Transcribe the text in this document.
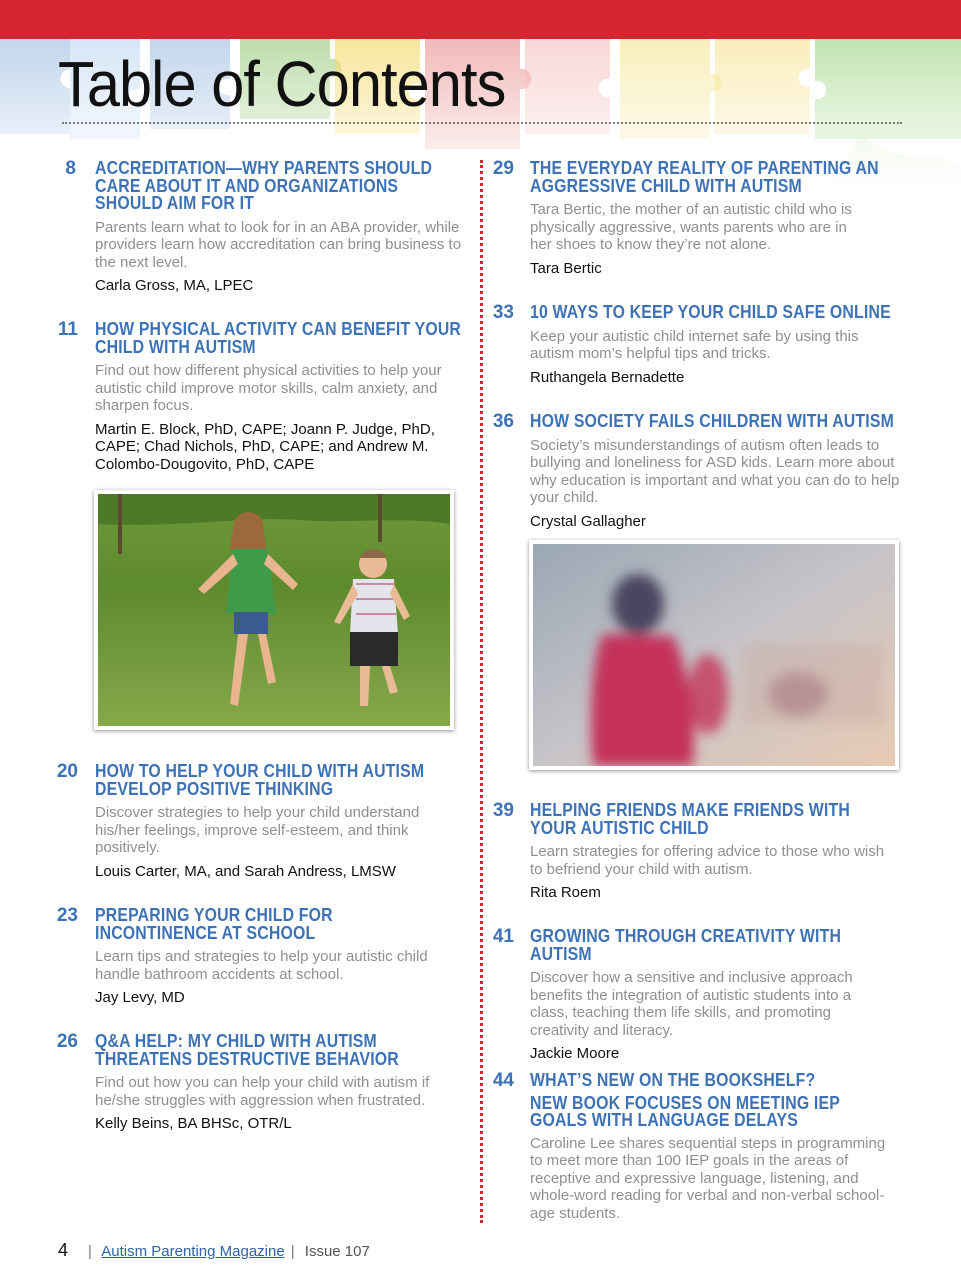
Table of Contents
8 ACCREDITATION—WHY PARENTS SHOULD CARE ABOUT IT AND ORGANIZATIONS SHOULD AIM FOR IT
Parents learn what to look for in an ABA provider, while providers learn how accreditation can bring business to the next level.
Carla Gross, MA, LPEC
11 HOW PHYSICAL ACTIVITY CAN BENEFIT YOUR CHILD WITH AUTISM
Find out how different physical activities to help your autistic child improve motor skills, calm anxiety, and sharpen focus.
Martin E. Block, PhD, CAPE; Joann P. Judge, PhD, CAPE; Chad Nichols, PhD, CAPE; and Andrew M. Colombo-Dougovito, PhD, CAPE
20 HOW TO HELP YOUR CHILD WITH AUTISM DEVELOP POSITIVE THINKING
Discover strategies to help your child understand his/her feelings, improve self-esteem, and think positively.
Louis Carter, MA, and Sarah Andress, LMSW
23 PREPARING YOUR CHILD FOR INCONTINENCE AT SCHOOL
Learn tips and strategies to help your autistic child handle bathroom accidents at school.
Jay Levy, MD
26 Q&A HELP: MY CHILD WITH AUTISM THREATENS DESTRUCTIVE BEHAVIOR
Find out how you can help your child with autism if he/she struggles with aggression when frustrated.
Kelly Beins, BA BHSc, OTR/L
29 THE EVERYDAY REALITY OF PARENTING AN AGGRESSIVE CHILD WITH AUTISM
Tara Bertic, the mother of an autistic child who is physically aggressive, wants parents who are in her shoes to know they’re not alone.
Tara Bertic
33 10 WAYS TO KEEP YOUR CHILD SAFE ONLINE
Keep your autistic child internet safe by using this autism mom’s helpful tips and tricks.
Ruthangela Bernadette
36 HOW SOCIETY FAILS CHILDREN WITH AUTISM
Society’s misunderstandings of autism often leads to bullying and loneliness for ASD kids. Learn more about why education is important and what you can do to help your child.
Crystal Gallagher
39 HELPING FRIENDS MAKE FRIENDS WITH YOUR AUTISTIC CHILD
Learn strategies for offering advice to those who wish to befriend your child with autism.
Rita Roem
41 GROWING THROUGH CREATIVITY WITH AUTISM
Discover how a sensitive and inclusive approach benefits the integration of autistic students into a class, teaching them life skills, and promoting creativity and literacy.
Jackie Moore
44 WHAT’S NEW ON THE BOOKSHELF?
NEW BOOK FOCUSES ON MEETING IEP GOALS WITH LANGUAGE DELAYS
Caroline Lee shares sequential steps in programming to meet more than 100 IEP goals in the areas of receptive and expressive language, listening, and whole-word reading for verbal and non-verbal school-age students.
4 | Autism Parenting Magazine | Issue 107
